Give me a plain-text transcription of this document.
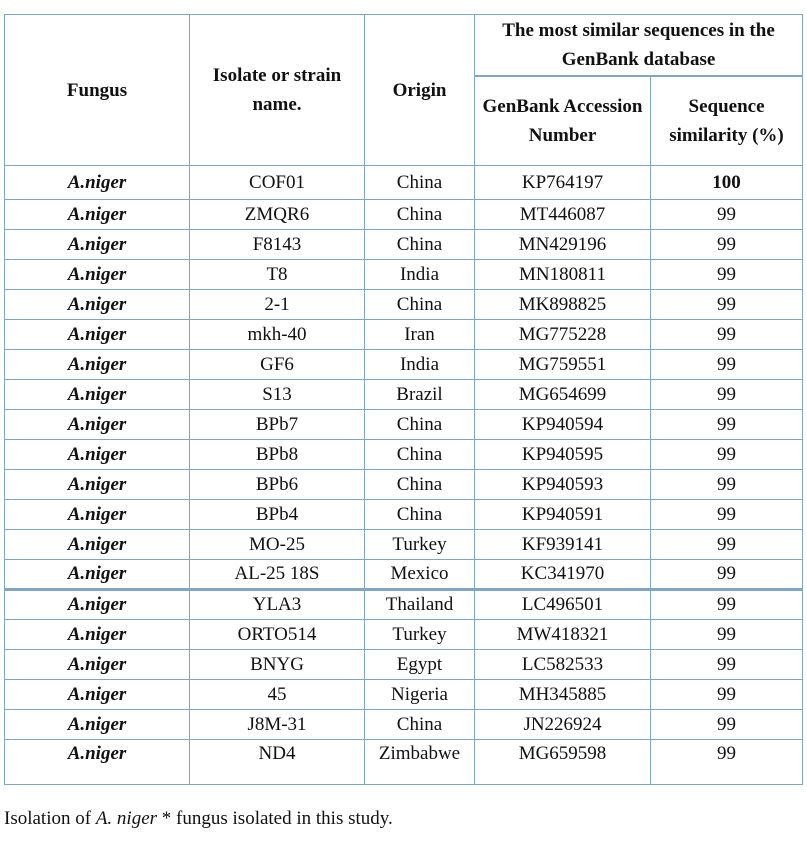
Fungus	Isolate or strain name.	Origin	The most similar sequences in the GenBank database	
			GenBank Accession Number	Sequence similarity (%)
A.niger	COF01	China	KP764197	100
A.niger	ZMQR6	China	MT446087	99
A.niger	F8143	China	MN429196	99
A.niger	T8	India	MN180811	99
A.niger	2-1	China	MK898825	99
A.niger	mkh-40	Iran	MG775228	99
A.niger	GF6	India	MG759551	99
A.niger	S13	Brazil	MG654699	99
A.niger	BPb7	China	KP940594	99
A.niger	BPb8	China	KP940595	99
A.niger	BPb6	China	KP940593	99
A.niger	BPb4	China	KP940591	99
A.niger	MO-25	Turkey	KF939141	99
A.niger	AL-25 18S	Mexico	KC341970	99
A.niger	YLA3	Thailand	LC496501	99
A.niger	ORTO514	Turkey	MW418321	99
A.niger	BNYG	Egypt	LC582533	99
A.niger	45	Nigeria	MH345885	99
A.niger	J8M-31	China	JN226924	99
A.niger	ND4	Zimbabwe	MG659598	99
Isolation of A. niger * fungus isolated in this study.
